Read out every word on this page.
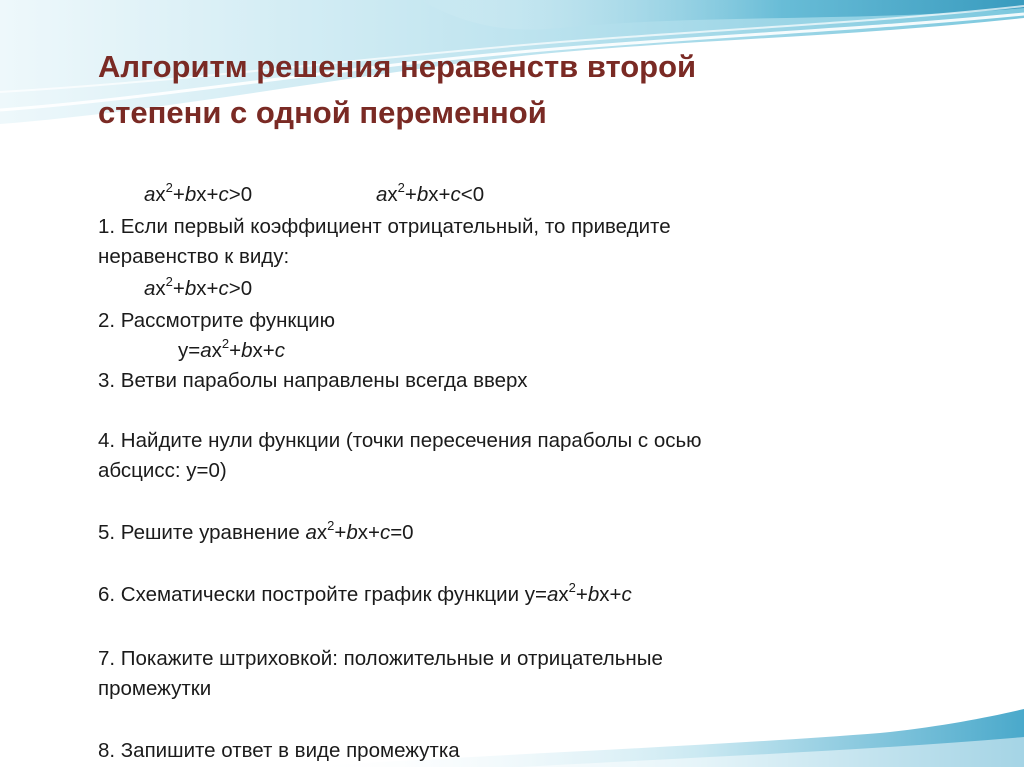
Алгоритм решения неравенств второй
степени с одной переменной
$ax^2+bx+c>0$	$ax^2+bx+c<0$
1. Если первый коэффициент отрицательный, то приведите
неравенство к виду:
$ax^2+bx+c>0$
2. Рассмотрите функцию
$y=ax^2+bx+c$
3. Ветви параболы направлены всегда вверх
4. Найдите нули функции (точки пересечения параболы с осью
абсцисс: у=0)
5. Решите уравнение $ax^2+bx+c=0$
6. Схематически постройте график функции $y=ax^2+bx+c$
7. Покажите штриховкой: положительные и отрицательные
промежутки
8. Запишите ответ в виде промежутка
